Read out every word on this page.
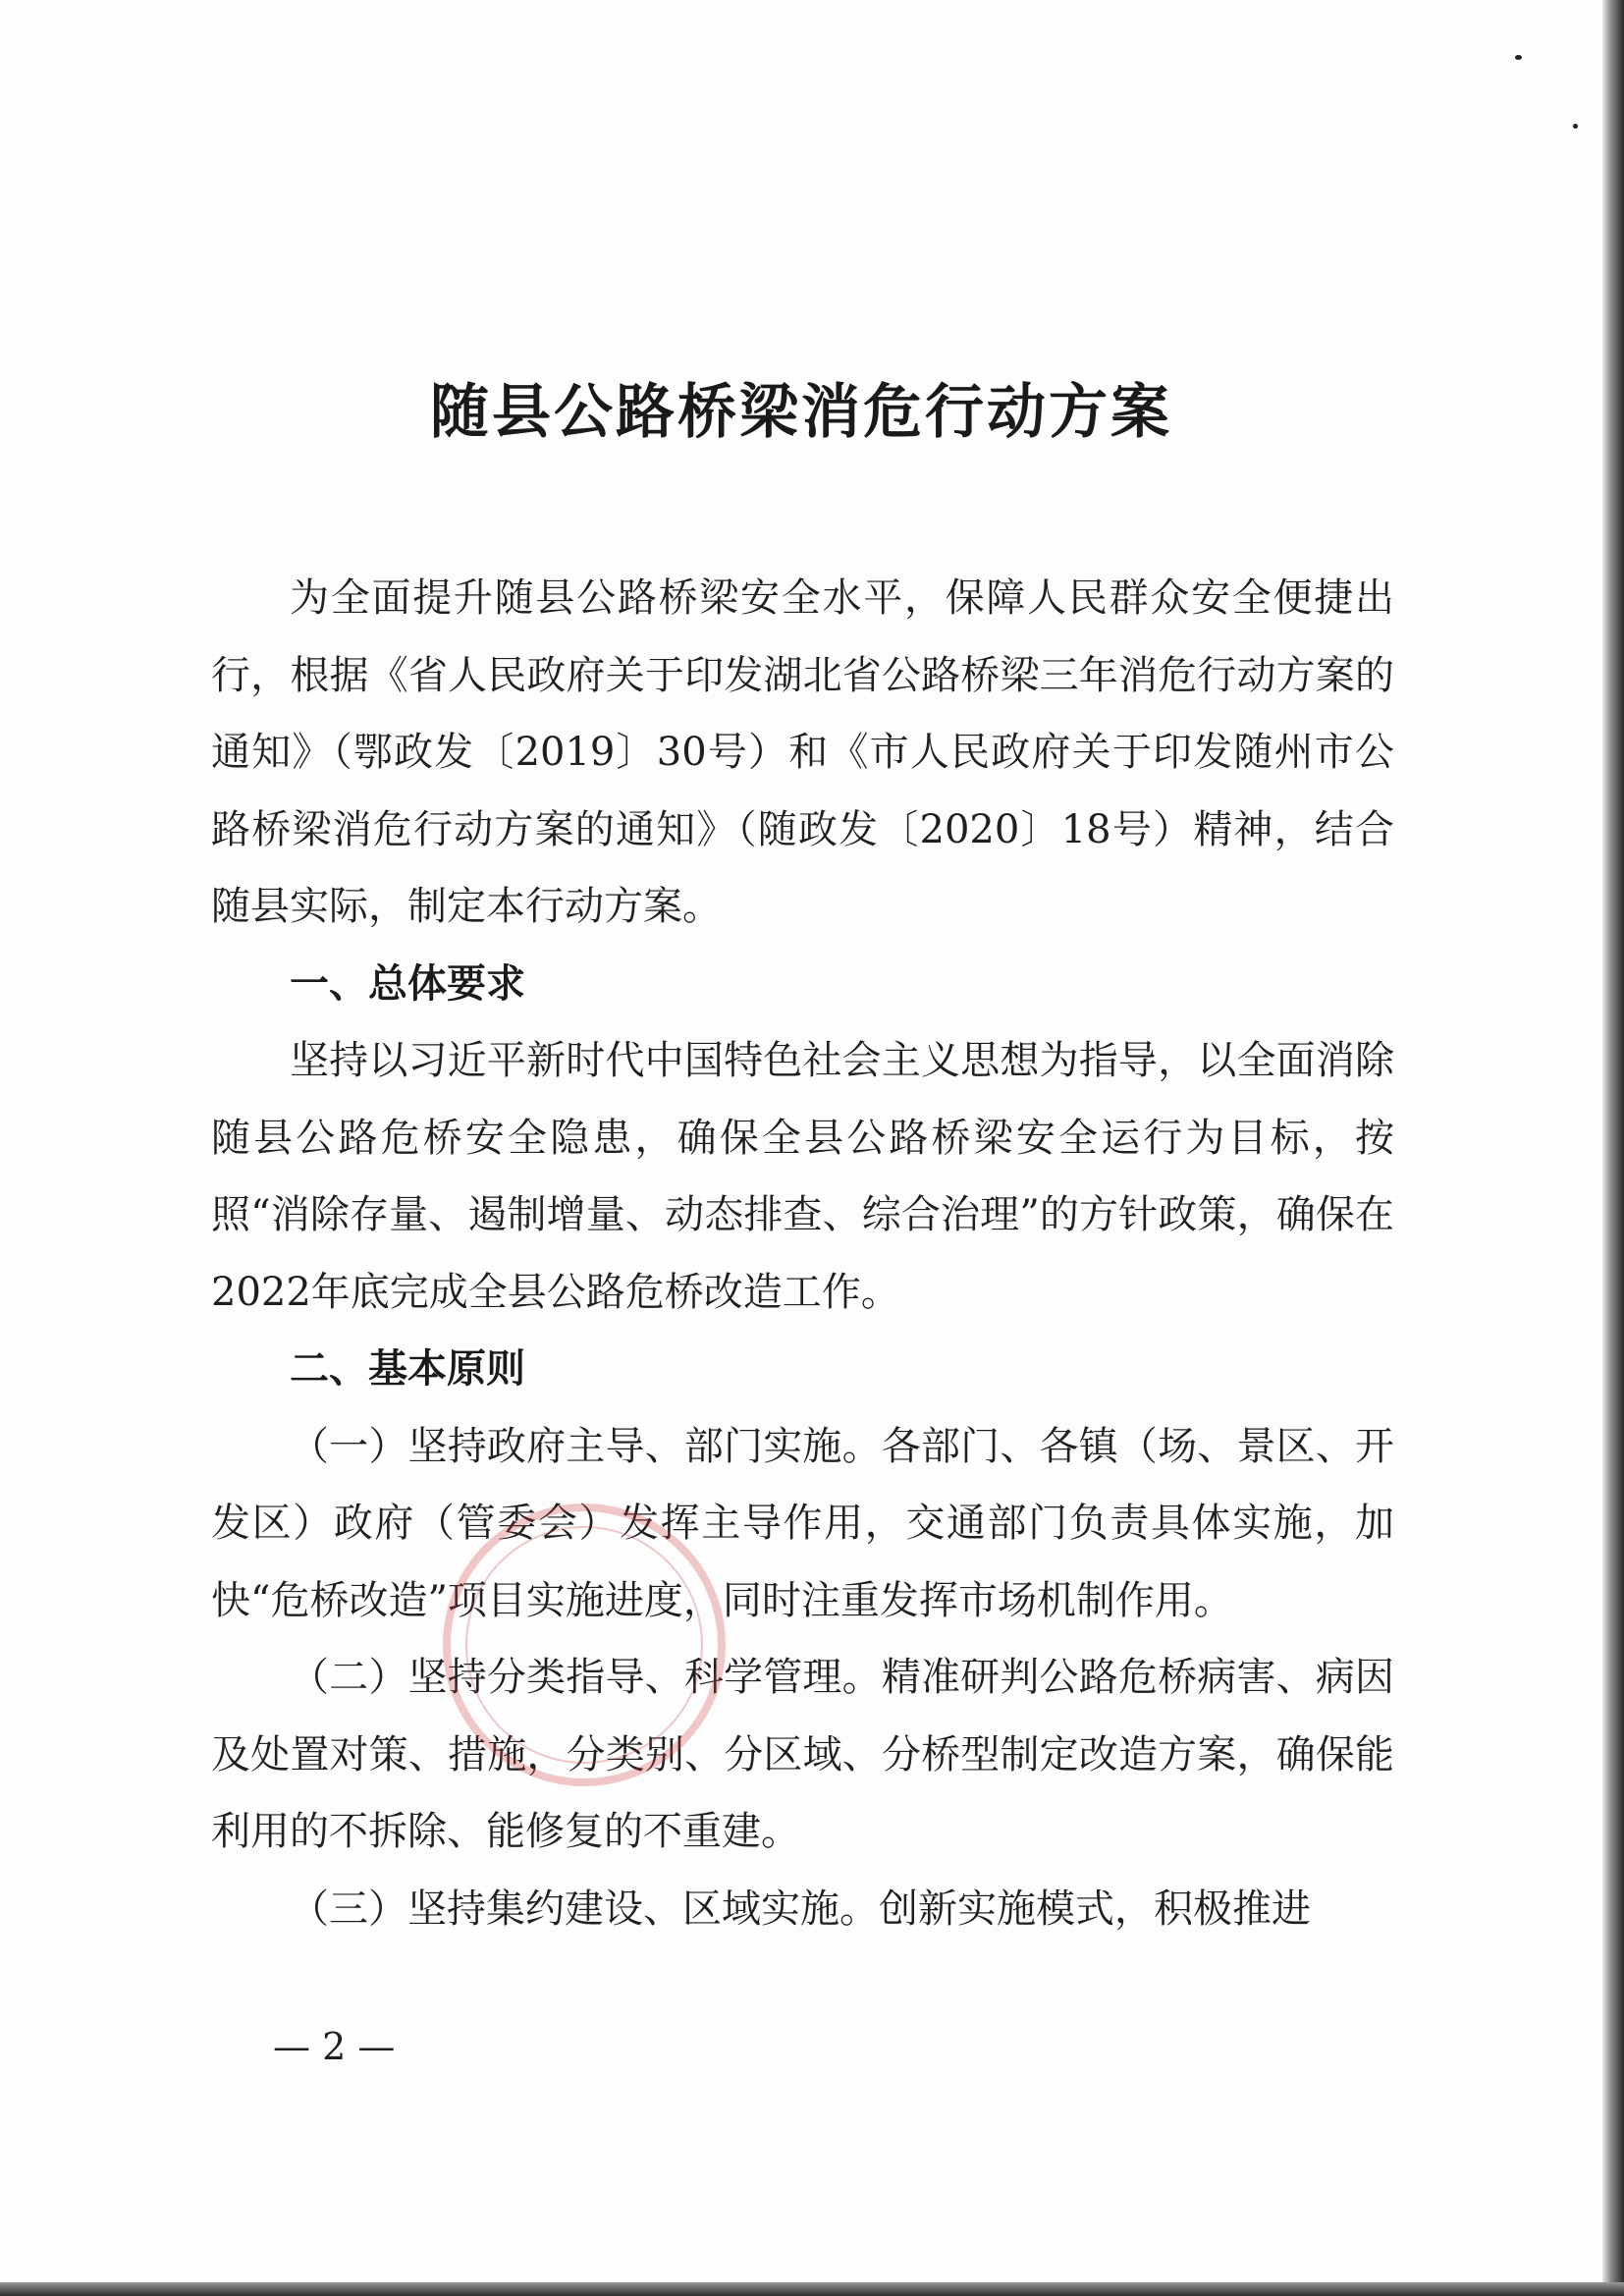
随县公路桥梁消危行动方案

为全面提升随县公路桥梁安全水平，保障人民群众安全便捷出行，根据《省人民政府关于印发湖北省公路桥梁三年消危行动方案的通知》（鄂政发〔2019〕30号）和《市人民政府关于印发随州市公路桥梁消危行动方案的通知》（随政发〔2020〕18号）精神，结合随县实际，制定本行动方案。

一、总体要求

坚持以习近平新时代中国特色社会主义思想为指导，以全面消除随县公路危桥安全隐患，确保全县公路桥梁安全运行为目标，按照“消除存量、遏制增量、动态排查、综合治理”的方针政策，确保在2022年底完成全县公路危桥改造工作。

二、基本原则

（一）坚持政府主导、部门实施。各部门、各镇（场、景区、开发区）政府（管委会）发挥主导作用，交通部门负责具体实施，加快“危桥改造”项目实施进度，同时注重发挥市场机制作用。

（二）坚持分类指导、科学管理。精准研判公路危桥病害、病因及处置对策、措施，分类别、分区域、分桥型制定改造方案，确保能利用的不拆除、能修复的不重建。

（三）坚持集约建设、区域实施。创新实施模式，积极推进

— 2 —
